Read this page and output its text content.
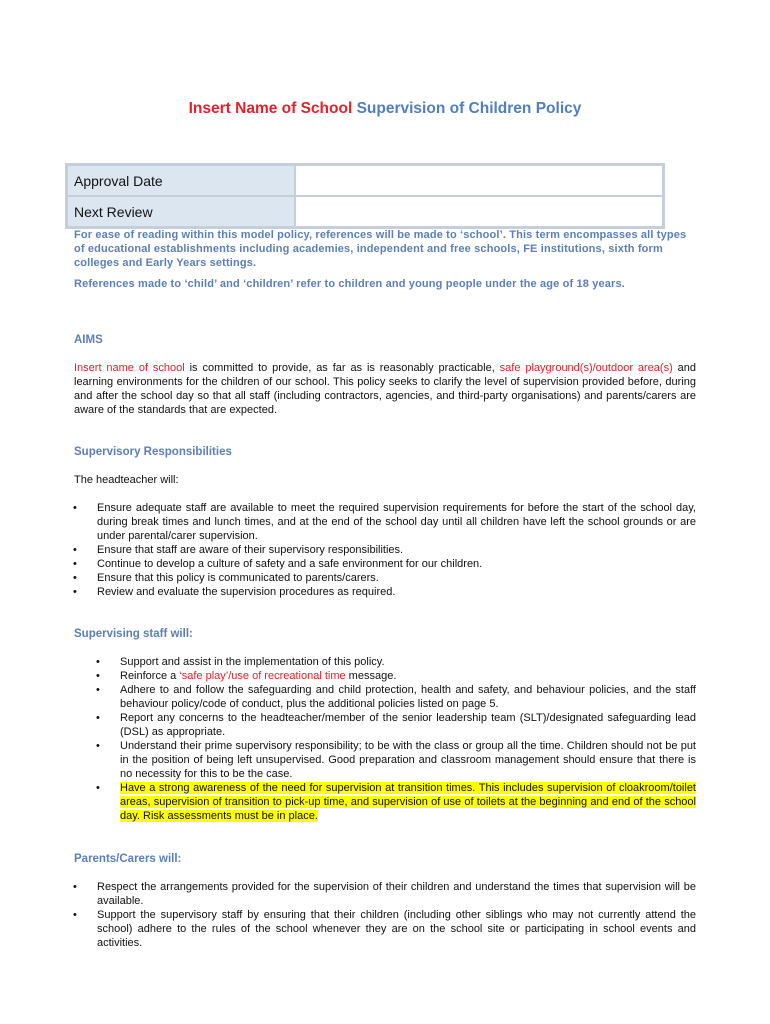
Insert Name of School Supervision of Children Policy
Approval Date	
Next Review	
For ease of reading within this model policy, references will be made to ‘school’. This term encompasses all types of educational establishments including academies, independent and free schools, FE institutions, sixth form colleges and Early Years settings.
References made to ‘child’ and ‘children’ refer to children and young people under the age of 18 years.
AIMS
Insert name of school is committed to provide, as far as is reasonably practicable, safe playground(s)/outdoor area(s) and learning environments for the children of our school. This policy seeks to clarify the level of supervision provided before, during and after the school day so that all staff (including contractors, agencies, and third-party organisations) and parents/carers are aware of the standards that are expected.
Supervisory Responsibilities
The headteacher will:
• Ensure adequate staff are available to meet the required supervision requirements for before the start of the school day, during break times and lunch times, and at the end of the school day until all children have left the school grounds or are under parental/carer supervision.
• Ensure that staff are aware of their supervisory responsibilities.
• Continue to develop a culture of safety and a safe environment for our children.
• Ensure that this policy is communicated to parents/carers.
• Review and evaluate the supervision procedures as required.
Supervising staff will:
• Support and assist in the implementation of this policy.
• Reinforce a ‘safe play’/use of recreational time message.
• Adhere to and follow the safeguarding and child protection, health and safety, and behaviour policies, and the staff behaviour policy/code of conduct, plus the additional policies listed on page 5.
• Report any concerns to the headteacher/member of the senior leadership team (SLT)/designated safeguarding lead (DSL) as appropriate.
• Understand their prime supervisory responsibility; to be with the class or group all the time. Children should not be put in the position of being left unsupervised. Good preparation and classroom management should ensure that there is no necessity for this to be the case.
• Have a strong awareness of the need for supervision at transition times. This includes supervision of cloakroom/toilet areas, supervision of transition to pick-up time, and supervision of use of toilets at the beginning and end of the school day. Risk assessments must be in place.
Parents/Carers will:
• Respect the arrangements provided for the supervision of their children and understand the times that supervision will be available.
• Support the supervisory staff by ensuring that their children (including other siblings who may not currently attend the school) adhere to the rules of the school whenever they are on the school site or participating in school events and activities.
